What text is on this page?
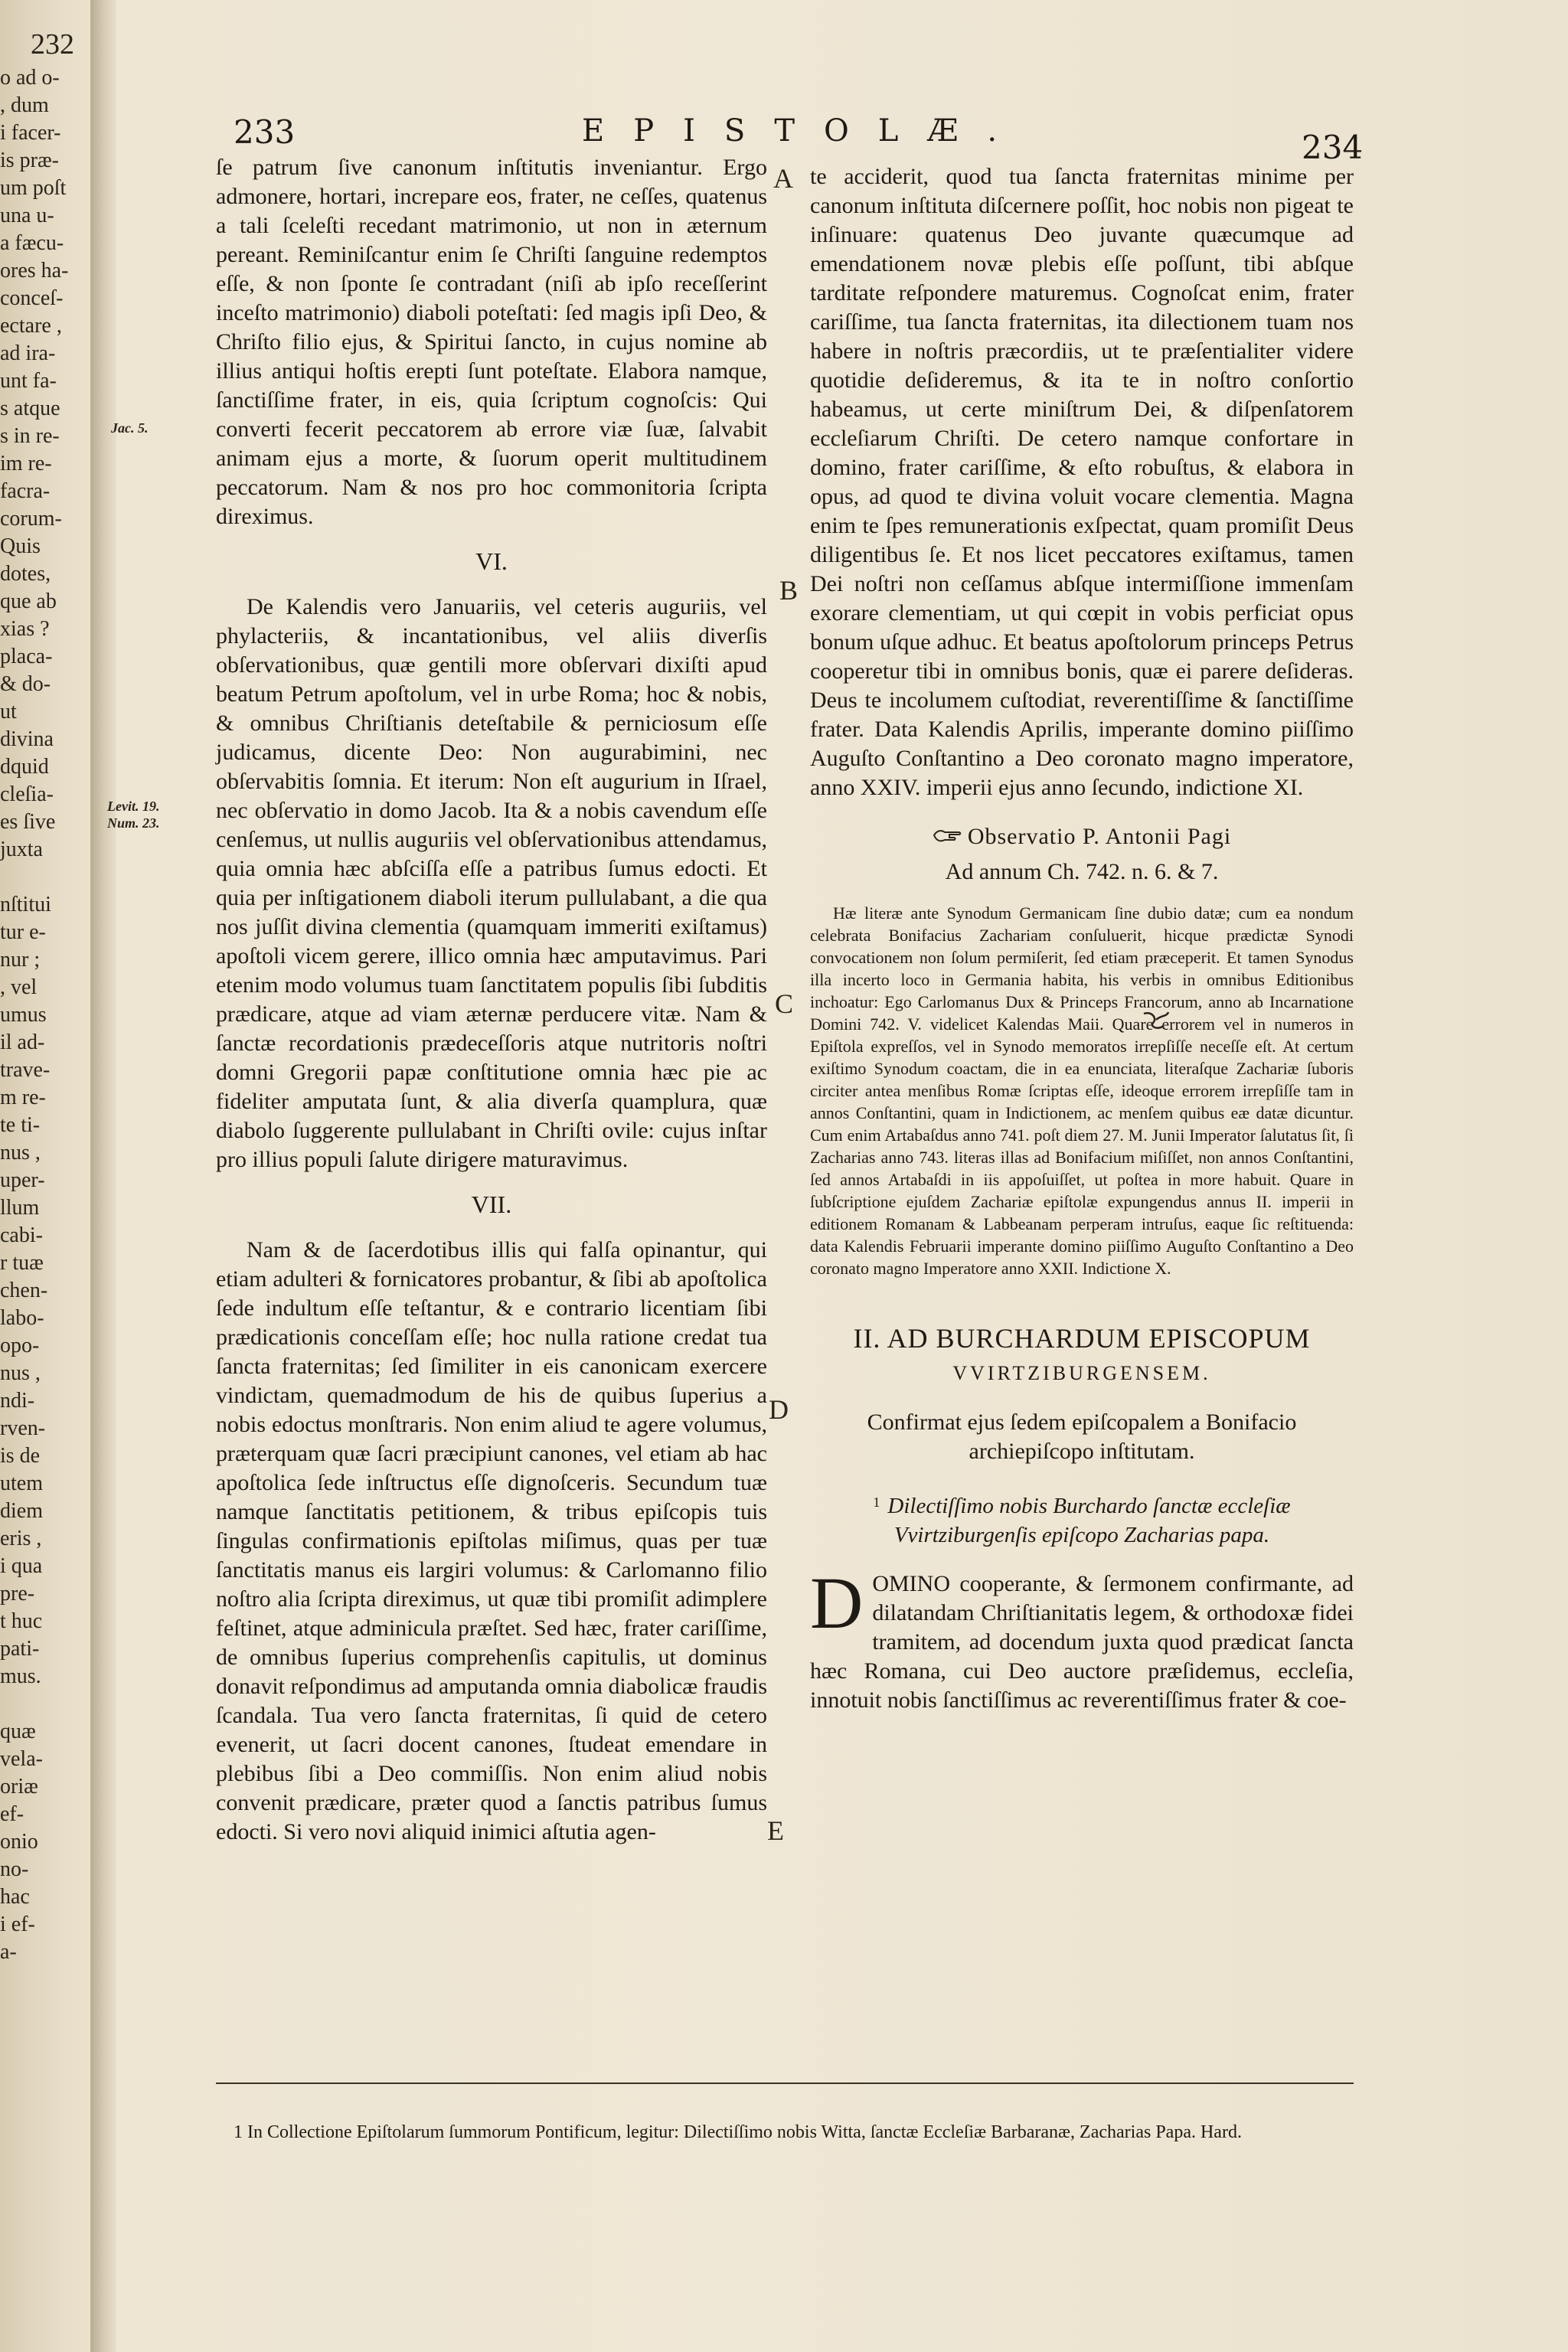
232
o ad o-
, dum
i facer-
is præ-
um poſt
una u-
a fæcu-
ores ha-
conceſ-
ectare ,
ad ira-
unt fa-
s atque
s in re-
im re-
facra-
corum-
Quis
dotes,
que ab
xias ?
placa-
& do-
ut
divina
dquid
cleſia-
es ſive
juxta

nſtitui
tur e-
nur ;
, vel
umus
il ad-
trave-
m re-
te ti-
nus ,
uper-
llum
cabi-
r tuæ
chen-
labo-
opo-
nus ,
ndi-
rven-
is de
utem
diem
eris ,
i qua
pre-
t huc
pati-
mus.

quæ
vela-
oriæ
ef-
onio
no-
hac
i ef-
a-
233	EPISTOLÆ.	234
Jac. 5.
Levit. 19.
Num. 23.
A
B
C
D
E

ſe patrum ſive canonum inſtitutis inveniantur. Ergo admonere, hortari, increpare eos, frater, ne ceſſes, quatenus a tali ſceleſti recedant matrimonio, ut non in æternum pereant. Reminiſcantur enim ſe Chriſti ſanguine redemptos eſſe, & non ſponte ſe contradant (niſi ab ipſo receſſerint inceſto matrimonio) diaboli poteſtati: ſed magis ipſi Deo, & Chriſto filio ejus, & Spiritui ſancto, in cujus nomine ab illius antiqui hoſtis erepti ſunt poteſtate. Elabora namque, ſanctiſſime frater, in eis, quia ſcriptum cognoſcis: Qui converti fecerit peccatorem ab errore viæ ſuæ, ſalvabit animam ejus a morte, & ſuorum operit multitudinem peccatorum. Nam & nos pro hoc commonitoria ſcripta direximus.

VI.

De Kalendis vero Januariis, vel ceteris auguriis, vel phylacteriis, & incantationibus, vel aliis diverſis obſervationibus, quæ gentili more obſervari dixiſti apud beatum Petrum apoſtolum, vel in urbe Roma; hoc & nobis, & omnibus Chriſtianis deteſtabile & perniciosum eſſe judicamus, dicente Deo: Non augurabimini, nec obſervabitis ſomnia. Et iterum: Non eſt augurium in Iſrael, nec obſervatio in domo Jacob. Ita & a nobis cavendum eſſe cenſemus, ut nullis auguriis vel obſervationibus attendamus, quia omnia hæc abſciſſa eſſe a patribus ſumus edocti. Et quia per inſtigationem diaboli iterum pullulabant, a die qua nos juſſit divina clementia (quamquam immeriti exiſtamus) apoſtoli vicem gerere, illico omnia hæc amputavimus. Pari etenim modo volumus tuam ſanctitatem populis ſibi ſubditis prædicare, atque ad viam æternæ perducere vitæ. Nam & ſanctæ recordationis prædeceſſoris atque nutritoris noſtri domni Gregorii papæ conſtitutione omnia hæc pie ac fideliter amputata ſunt, & alia diverſa quamplura, quæ diabolo ſuggerente pullulabant in Chriſti ovile: cujus inſtar pro illius populi ſalute dirigere maturavimus.

VII.

Nam & de ſacerdotibus illis qui falſa opinantur, qui etiam adulteri & fornicatores probantur, & ſibi ab apoſtolica ſede indultum eſſe teſtantur, & e contrario licentiam ſibi prædicationis conceſſam eſſe; hoc nulla ratione credat tua ſancta fraternitas; ſed ſimiliter in eis canonicam exercere vindictam, quemadmodum de his de quibus ſuperius a nobis edoctus monſtraris. Non enim aliud te agere volumus, præterquam quæ ſacri præcipiunt canones, vel etiam ab hac apoſtolica ſede inſtructus eſſe dignoſceris. Secundum tuæ namque ſanctitatis petitionem, & tribus epiſcopis tuis ſingulas confirmationis epiſtolas miſimus, quas per tuæ ſanctitatis manus eis largiri volumus: & Carlomanno filio noſtro alia ſcripta direximus, ut quæ tibi promiſit adimplere feſtinet, atque adminicula præſtet. Sed hæc, frater cariſſime, de omnibus ſuperius comprehenſis capitulis, ut dominus donavit reſpondimus ad amputanda omnia diabolicæ fraudis ſcandala. Tua vero ſancta fraternitas, ſi quid de cetero evenerit, ut ſacri docent canones, ſtudeat emendare in plebibus ſibi a Deo commiſſis. Non enim aliud nobis convenit prædicare, præter quod a ſanctis patribus ſumus edocti. Si vero novi aliquid inimici aſtutia agen-

te acciderit, quod tua ſancta fraternitas minime per canonum inſtituta diſcernere poſſit, hoc nobis non pigeat te inſinuare: quatenus Deo juvante quæcumque ad emendationem novæ plebis eſſe poſſunt, tibi abſque tarditate reſpondere maturemus. Cognoſcat enim, frater cariſſime, tua ſancta fraternitas, ita dilectionem tuam nos habere in noſtris præcordiis, ut te præſentialiter videre quotidie deſideremus, & ita te in noſtro conſortio habeamus, ut certe miniſtrum Dei, & diſpenſatorem eccleſiarum Chriſti. De cetero namque confortare in domino, frater cariſſime, & eſto robuſtus, & elabora in opus, ad quod te divina voluit vocare clementia. Magna enim te ſpes remunerationis exſpectat, quam promiſit Deus diligentibus ſe. Et nos licet peccatores exiſtamus, tamen Dei noſtri non ceſſamus abſque intermiſſione immenſam exorare clementiam, ut qui cœpit in vobis perficiat opus bonum uſque adhuc. Et beatus apoſtolorum princeps Petrus cooperetur tibi in omnibus bonis, quæ ei parere deſideras. Deus te incolumem cuſtodiat, reverentiſſime & ſanctiſſime frater. Data Kalendis Aprilis, imperante domino piiſſimo Auguſto Conſtantino a Deo coronato magno imperatore, anno XXIV. imperii ejus anno ſecundo, indictione XI.

Observatio P. Antonii Pagi
Ad annum Ch. 742. n. 6. & 7.

Hæ literæ ante Synodum Germanicam ſine dubio datæ; cum ea nondum celebrata Bonifacius Zachariam conſuluerit, hicque prædictæ Synodi convocationem non ſolum permiſerit, ſed etiam præceperit. Et tamen Synodus illa incerto loco in Germania habita, his verbis in omnibus Editionibus inchoatur: Ego Carlomanus Dux & Princeps Francorum, anno ab Incarnatione Domini 742. V. videlicet Kalendas Maii. Quare errorem vel in numeros in Epiſtola expreſſos, vel in Synodo memoratos irrepſiſſe neceſſe eſt. At certum exiſtimo Synodum coactam, die in ea enunciata, literaſque Zachariæ ſuboris circiter antea menſibus Romæ ſcriptas eſſe, ideoque errorem irrepſiſſe tam in annos Conſtantini, quam in Indictionem, ac menſem quibus eæ datæ dicuntur. Cum enim Artabaſdus anno 741. poſt diem 27. M. Junii Imperator ſalutatus ſit, ſi Zacharias anno 743. literas illas ad Bonifacium miſiſſet, non annos Conſtantini, ſed annos Artabaſdi in iis appoſuiſſet, ut poſtea in more habuit. Quare in ſubſcriptione ejuſdem Zachariæ epiſtolæ expungendus annus II. imperii in editionem Romanam & Labbeanam perperam intruſus, eaque ſic reſtituenda: data Kalendis Februarii imperante domino piiſſimo Auguſto Conſtantino a Deo coronato magno Imperatore anno XXII. Indictione X.

II. AD BURCHARDUM EPISCOPUM
VVIRTZIBURGENSEM.
Confirmat ejus ſedem epiſcopalem a Bonifacio archiepiſcopo inſtitutam.
$^1$ Dilectiſſimo nobis Burchardo ſanctæ eccleſiæ Vvirtziburgenſis epiſcopo Zacharias papa.
D OMINO cooperante, & ſermonem confirmante, ad dilatandam Chriſtianitatis legem, & orthodoxæ fidei tramitem, ad docendum juxta quod prædicat ſancta hæc Romana, cui Deo auctore præſidemus, eccleſia, innotuit nobis ſanctiſſimus ac reverentiſſimus frater & coe-

1 In Collectione Epiſtolarum ſummorum Pontificum, legitur: Dilectiſſimo nobis Witta, ſanctæ Eccleſiæ Barbaranæ, Zacharias Papa. Hard.
